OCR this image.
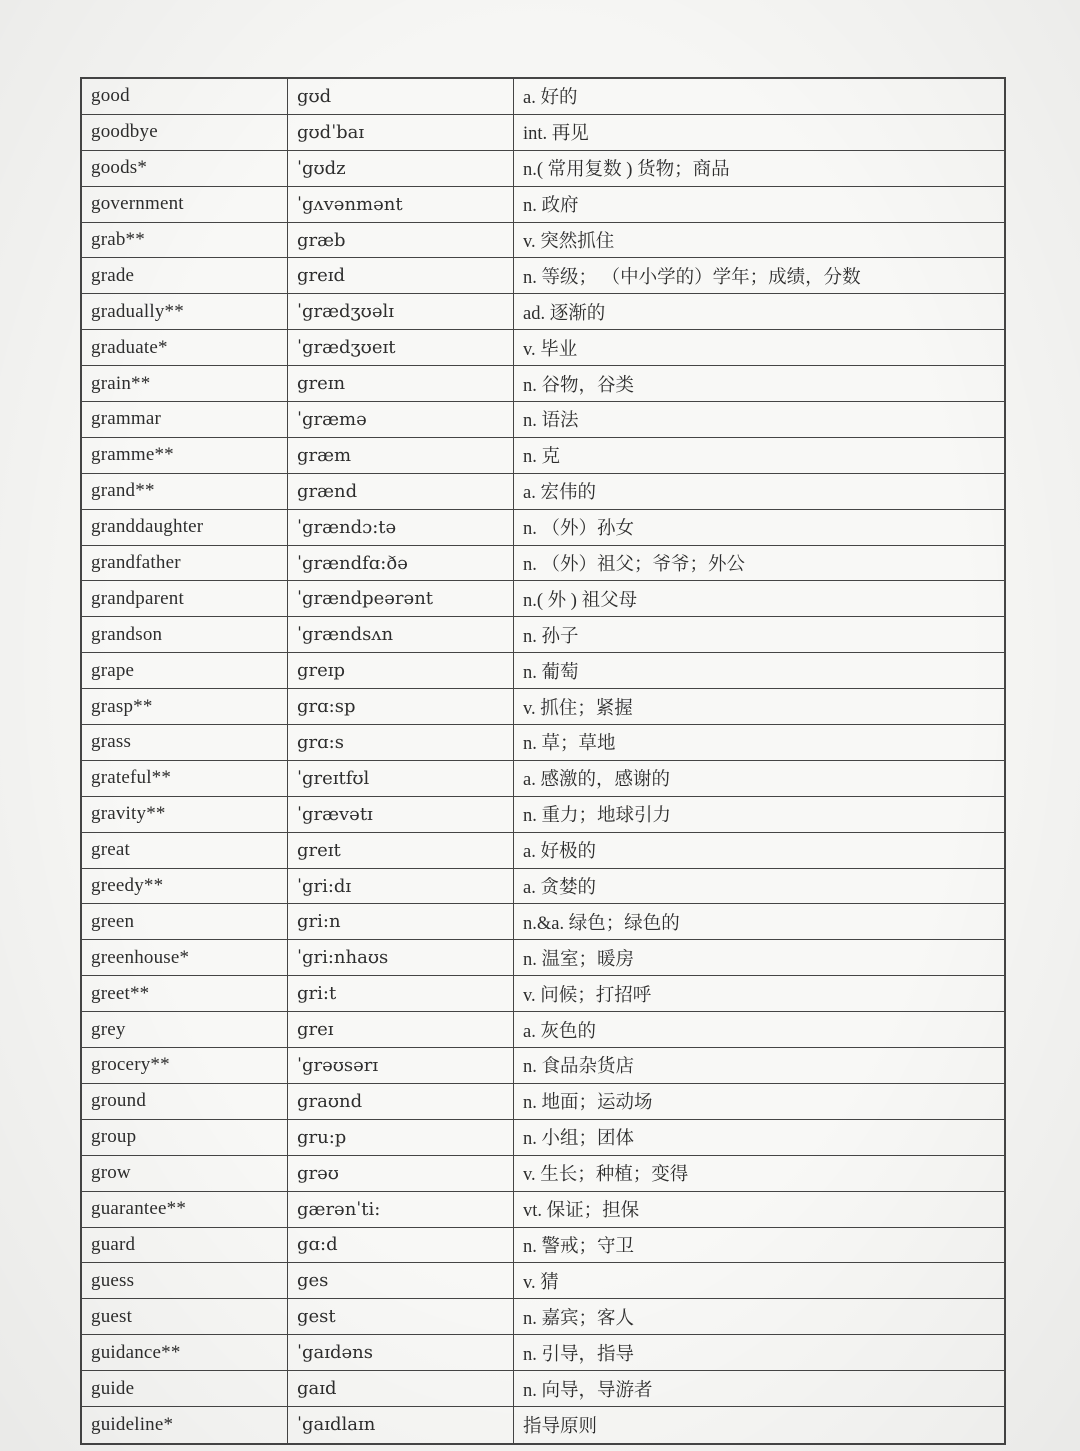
good	gʊd	a. 好的
goodbye	gʊdˈbaɪ	int. 再见
goods*	ˈgʊdz	n.( 常用复数 ) 货物；商品
government	ˈgʌvənmənt	n. 政府
grab**	græb	v. 突然抓住
grade	greɪd	n. 等级； （中小学的）学年；成绩，分数
gradually**	ˈgrædʒʊəlɪ	ad. 逐渐的
graduate*	ˈgrædʒʊeɪt	v. 毕业
grain**	greɪn	n. 谷物，谷类
grammar	ˈgræmə	n. 语法
gramme**	græm	n. 克
grand**	grænd	a. 宏伟的
granddaughter	ˈgrændɔ:tə	n. （外）孙女
grandfather	ˈgrændfɑ:ðə	n. （外）祖父；爷爷；外公
grandparent	ˈgrændpeərənt	n.( 外 ) 祖父母
grandson	ˈgrændsʌn	n. 孙子
grape	greɪp	n. 葡萄
grasp**	grɑ:sp	v. 抓住；紧握
grass	grɑ:s	n. 草；草地
grateful**	ˈgreɪtfʊl	a. 感激的，感谢的
gravity**	ˈgrævətɪ	n. 重力；地球引力
great	greɪt	a. 好极的
greedy**	ˈgri:dɪ	a. 贪婪的
green	gri:n	n.&a. 绿色；绿色的
greenhouse*	ˈgri:nhaʊs	n. 温室；暖房
greet**	gri:t	v. 问候；打招呼
grey	greɪ	a. 灰色的
grocery**	ˈgrəʊsərɪ	n. 食品杂货店
ground	graʊnd	n. 地面；运动场
group	gru:p	n. 小组；团体
grow	grəʊ	v. 生长；种植；变得
guarantee**	gærənˈti:	vt. 保证；担保
guard	gɑ:d	n. 警戒；守卫
guess	ges	v. 猜
guest	gest	n. 嘉宾；客人
guidance**	ˈgaɪdəns	n. 引导，指导
guide	gaɪd	n. 向导，导游者
guideline*	ˈgaɪdlaɪn	指导原则
